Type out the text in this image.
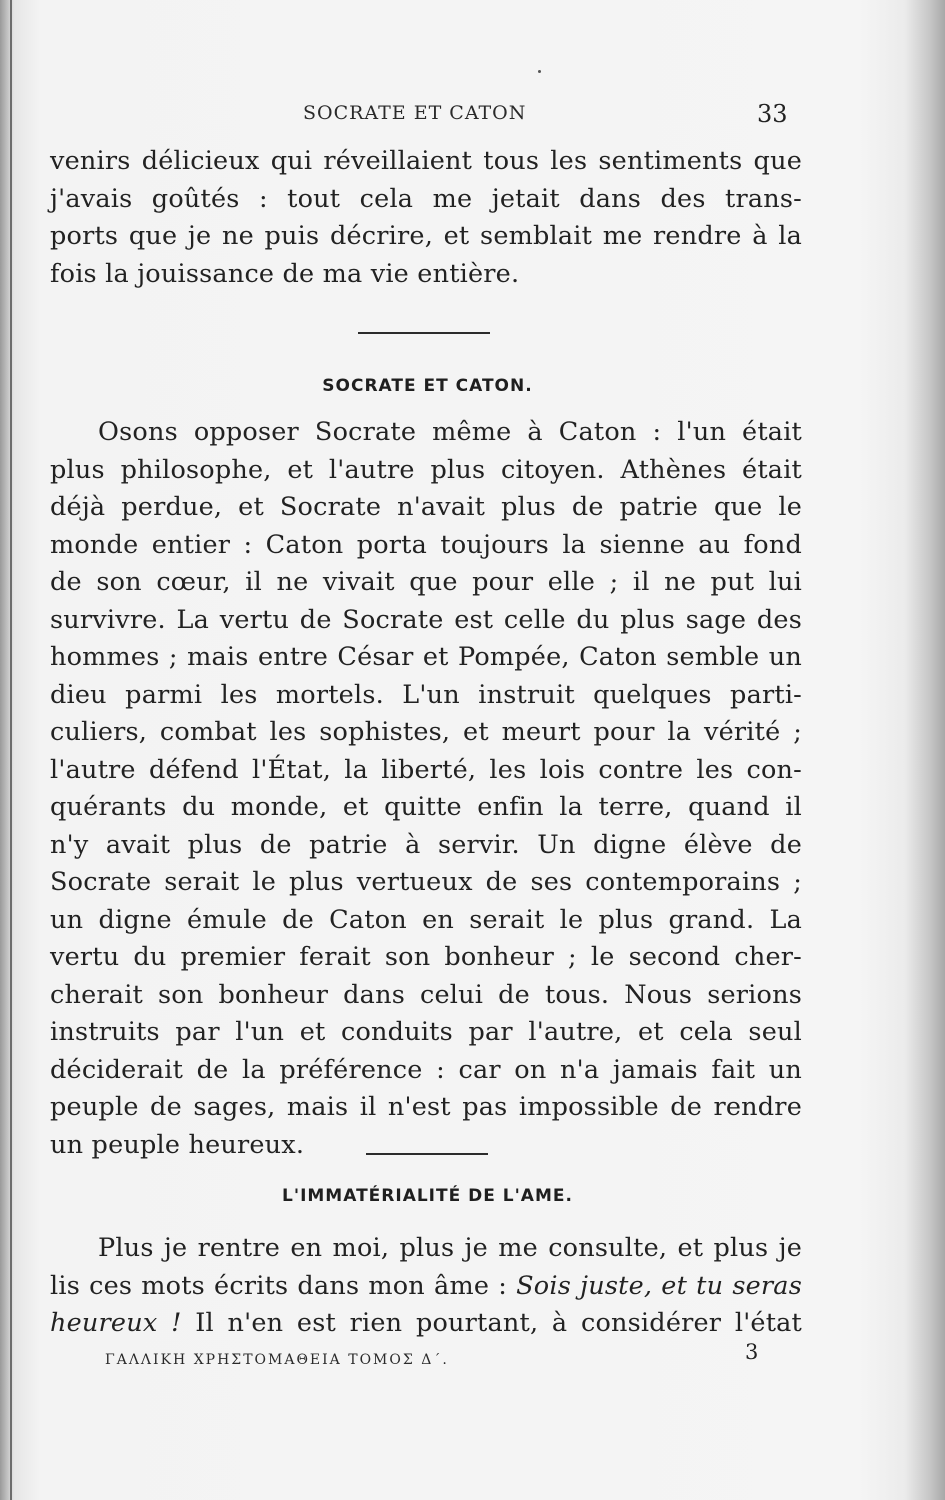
SOCRATE ET CATON	33
venirs délicieux qui réveillaient tous les sentiments que
j'avais goûtés : tout cela me jetait dans des trans-
ports que je ne puis décrire, et semblait me rendre à la
fois la jouissance de ma vie entière.
SOCRATE ET CATON.
Osons opposer Socrate même à Caton : l'un était
plus philosophe, et l'autre plus citoyen. Athènes était
déjà perdue, et Socrate n'avait plus de patrie que le
monde entier : Caton porta toujours la sienne au fond
de son cœur, il ne vivait que pour elle ; il ne put lui
survivre. La vertu de Socrate est celle du plus sage des
hommes ; mais entre César et Pompée, Caton semble un
dieu parmi les mortels. L'un instruit quelques parti-
culiers, combat les sophistes, et meurt pour la vérité ;
l'autre défend l'État, la liberté, les lois contre les con-
quérants du monde, et quitte enfin la terre, quand il
n'y avait plus de patrie à servir. Un digne élève de
Socrate serait le plus vertueux de ses contemporains ;
un digne émule de Caton en serait le plus grand. La
vertu du premier ferait son bonheur ; le second cher-
cherait son bonheur dans celui de tous. Nous serions
instruits par l'un et conduits par l'autre, et cela seul
déciderait de la préférence : car on n'a jamais fait un
peuple de sages, mais il n'est pas impossible de rendre
un peuple heureux.
L'IMMATÉRIALITÉ DE L'AME.
Plus je rentre en moi, plus je me consulte, et plus je
lis ces mots écrits dans mon âme : Sois juste, et tu seras
heureux ! Il n'en est rien pourtant, à considérer l'état
ΓΑΛΛΙΚΗ ΧΡΗΣΤΟΜΑΘΕΙΑ ΤΟΜΟΣ Δ΄.	3
